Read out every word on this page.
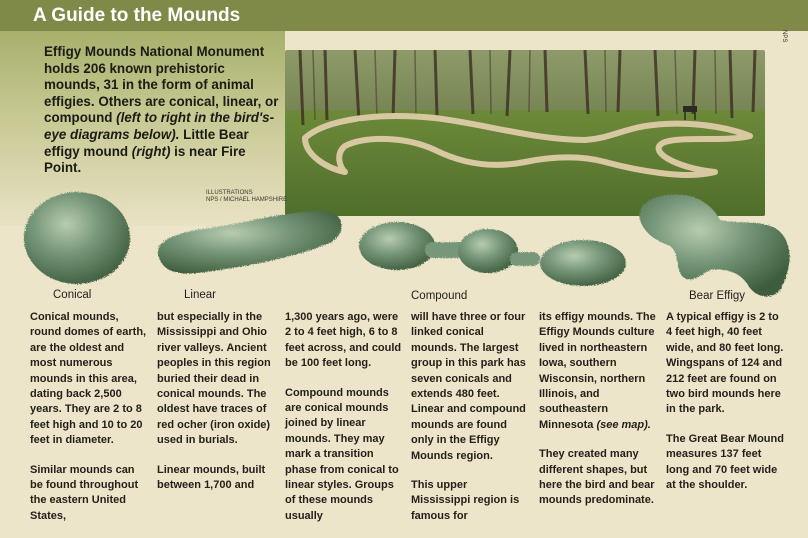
A Guide to the Mounds
NPS
Effigy Mounds National Monument holds 206 known prehistoric mounds, 31 in the form of animal effigies. Others are conical, linear, or compound (left to right in the bird's-eye diagrams below). Little Bear effigy mound (right) is near Fire Point.
ILLUSTRATIONS
NPS / MICHAEL HAMPSHIRE
Conical	Linear	Compound	Bear Effigy

Conical mounds, round domes of earth, are the oldest and most numerous mounds in this area, dating back 2,500 years. They are 2 to 8 feet high and 10 to 20 feet in diameter.

Similar mounds can be found throughout the eastern United States,

but especially in the Mississippi and Ohio river valleys. Ancient peoples in this region buried their dead in conical mounds. The oldest have traces of red ocher (iron oxide) used in burials.

Linear mounds, built between 1,700 and

1,300 years ago, were 2 to 4 feet high, 6 to 8 feet across, and could be 100 feet long.

Compound mounds are conical mounds joined by linear mounds. They may mark a transition phase from conical to linear styles. Groups of these mounds usually

will have three or four linked conical mounds. The largest group in this park has seven conicals and extends 480 feet. Linear and compound mounds are found only in the Effigy Mounds region.

This upper Mississippi region is famous for

its effigy mounds. The Effigy Mounds culture lived in northeastern Iowa, southern Wisconsin, northern Illinois, and southeastern Minnesota (see map).

They created many different shapes, but here the bird and bear mounds predominate.

A typical effigy is 2 to 4 feet high, 40 feet wide, and 80 feet long. Wingspans of 124 and 212 feet are found on two bird mounds here in the park.

The Great Bear Mound measures 137 feet long and 70 feet wide at the shoulder.
